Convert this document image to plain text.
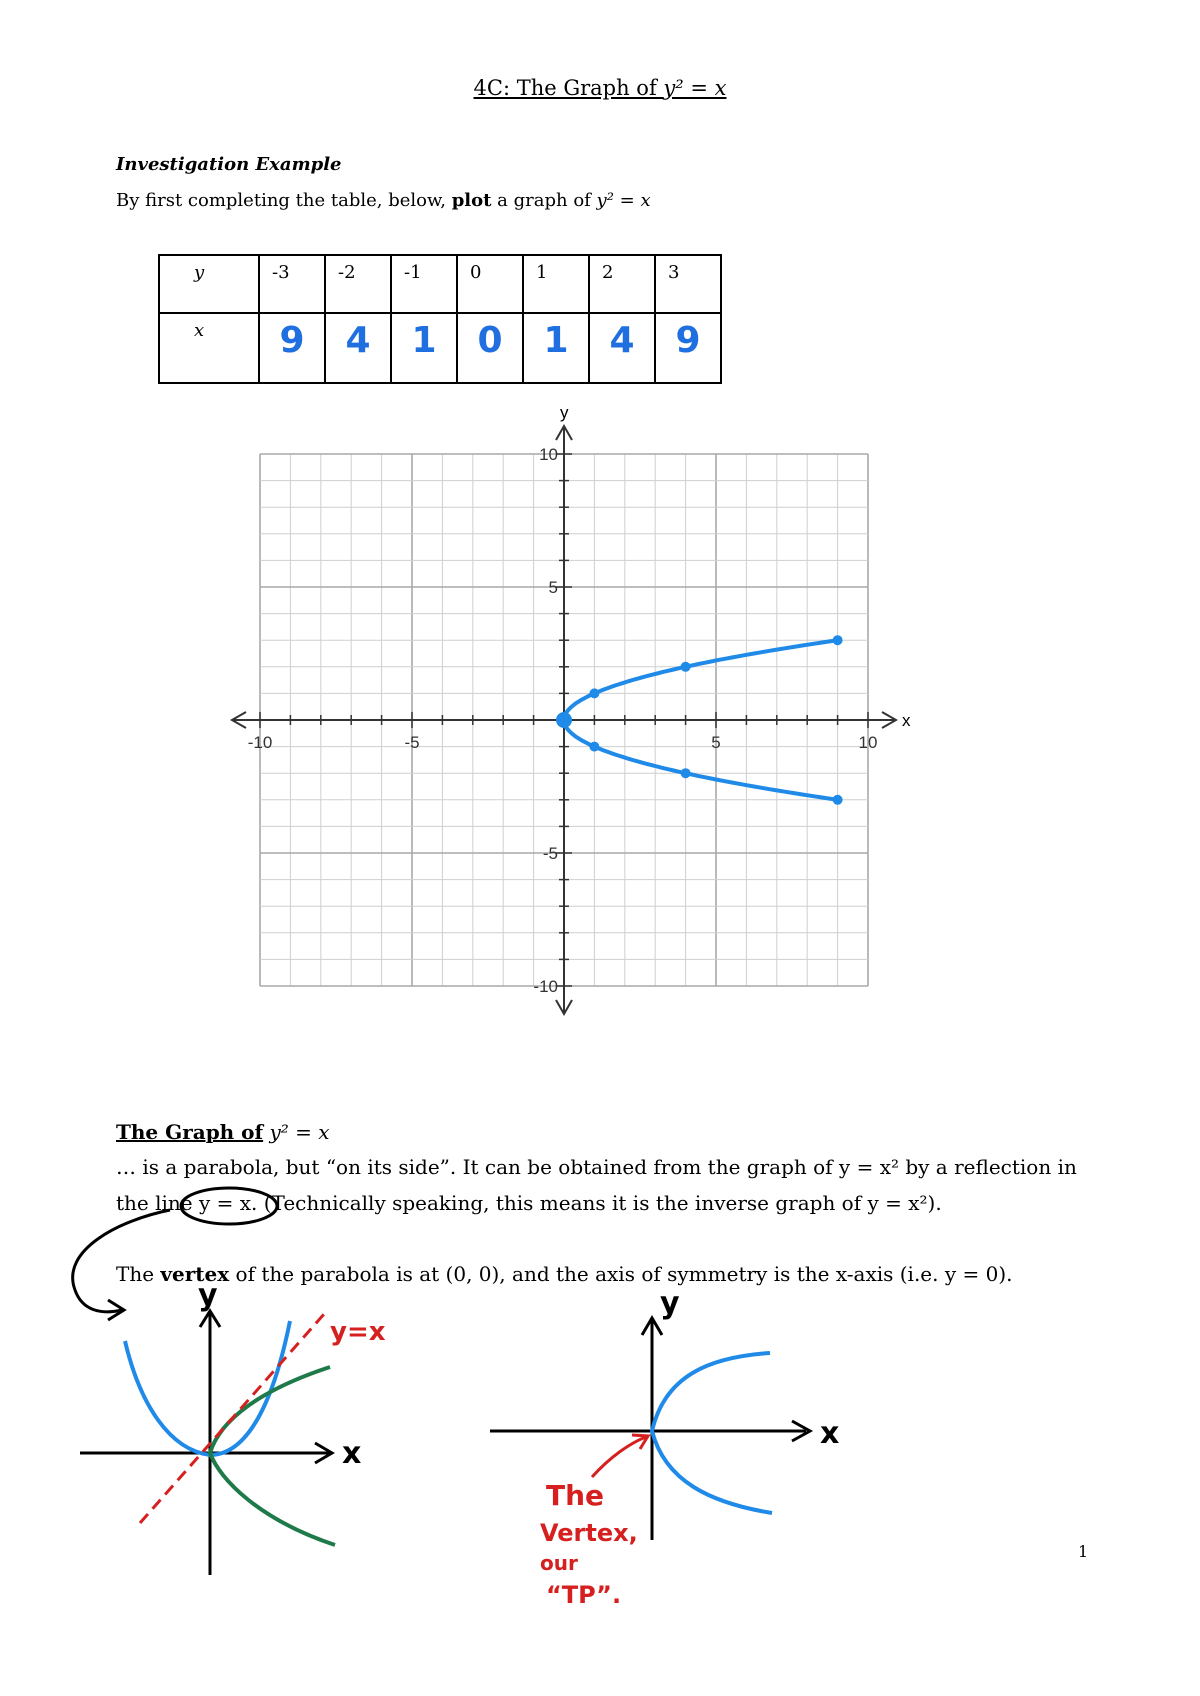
4C: The Graph of y² = x
Investigation Example
By first completing the table, below, plot a graph of y² = x
y	-3	-2	-1	0	1	2	3
x	9	4	1	0	1	4	9
-10	-5	5	10
10
5
-5
-10
x
y
The Graph of y² = x
… is a parabola, but “on its side”. It can be obtained from the graph of y = x² by a reflection in
the line y = x. (Technically speaking, this means it is the inverse graph of y = x²).
The vertex of the parabola is at (0, 0), and the axis of symmetry is the x-axis (i.e. y = 0).
y
x
y=x
y
x
The
Vertex,
our
“TP”.
1
